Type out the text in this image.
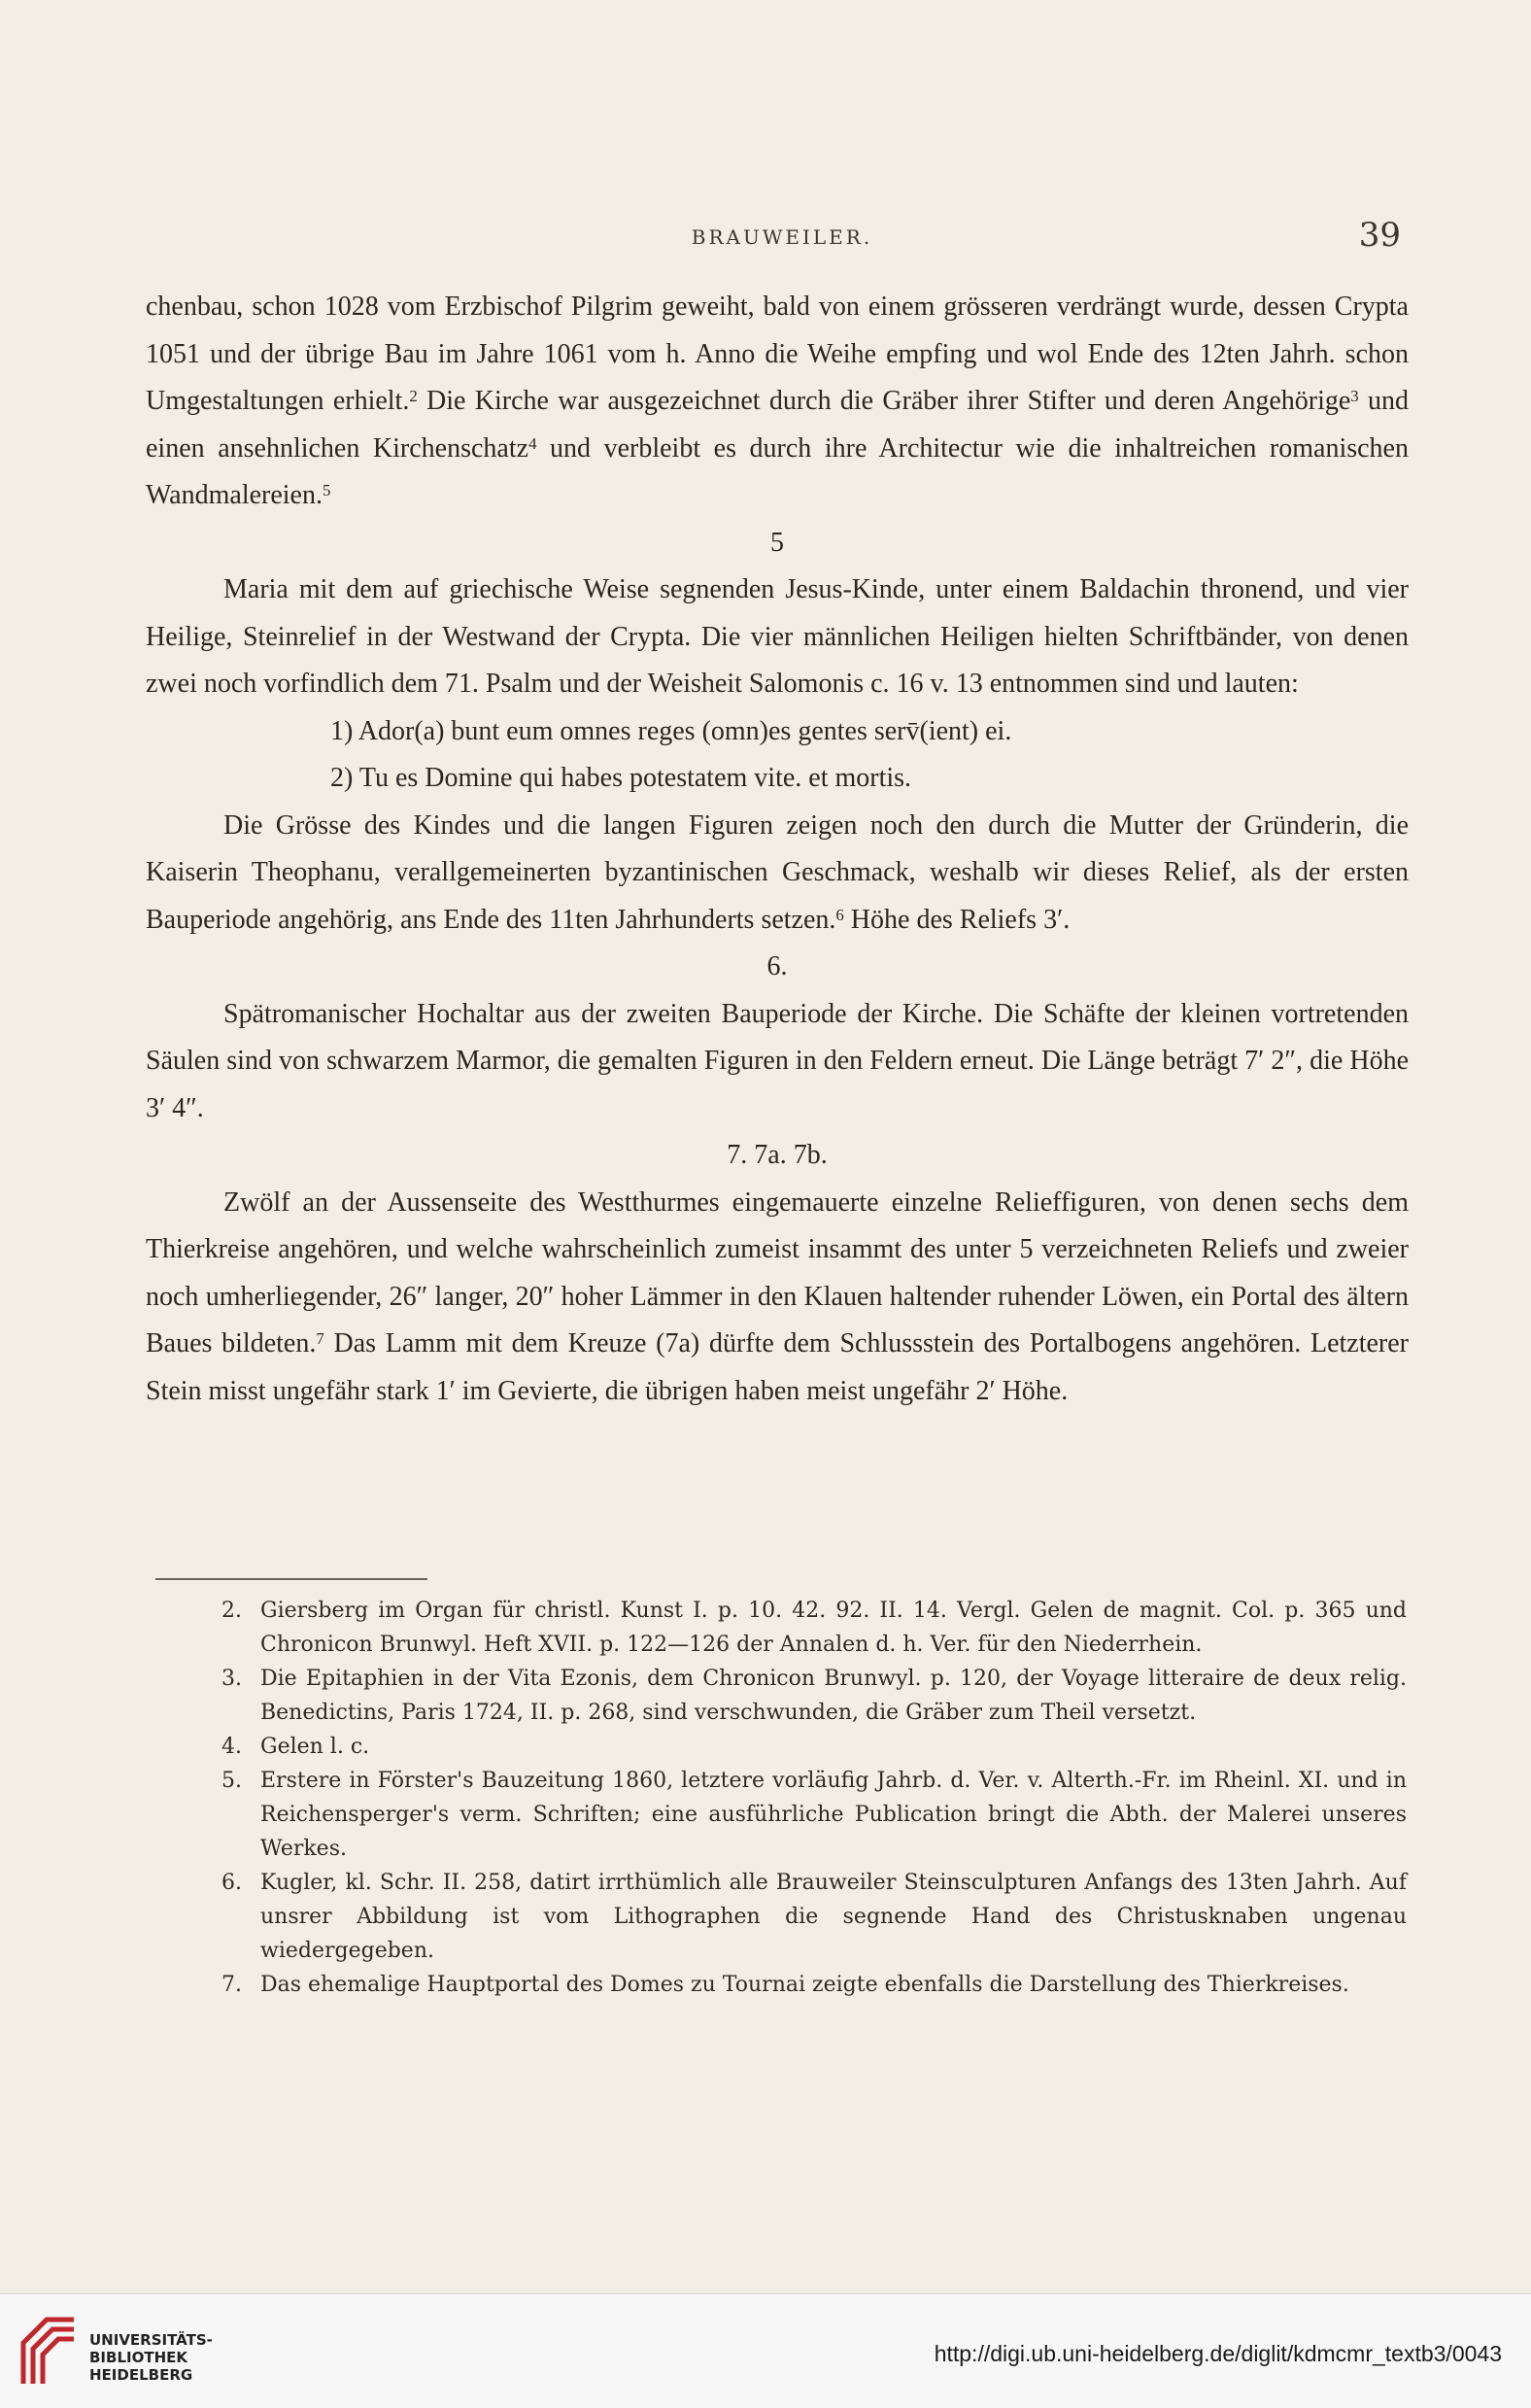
BRAUWEILER.	39

chenbau, schon 1028 vom Erzbischof Pilgrim geweiht, bald von einem grösseren verdrängt wurde, dessen Crypta 1051 und der übrige Bau im Jahre 1061 vom h. Anno die Weihe empfing und wol Ende des 12ten Jahrh. schon Umgestaltungen erhielt.$^2$ Die Kirche war ausgezeichnet durch die Gräber ihrer Stifter und deren Angehörige$^3$ und einen ansehnlichen Kirchenschatz$^4$ und verbleibt es durch ihre Architectur wie die inhaltreichen romanischen Wandmalereien.$^5$

5

Maria mit dem auf griechische Weise segnenden Jesus-Kinde, unter einem Baldachin thronend, und vier Heilige, Steinrelief in der Westwand der Crypta. Die vier männlichen Heiligen hielten Schriftbänder, von denen zwei noch vorfindlich dem 71. Psalm und der Weisheit Salomonis c. 16 v. 13 entnommen sind und lauten:

1) Ador(a) bunt eum omnes reges (omn)es gentes serv̄(ient) ei.

2) Tu es Domine qui habes potestatem vite. et mortis.

Die Grösse des Kindes und die langen Figuren zeigen noch den durch die Mutter der Gründerin, die Kaiserin Theophanu, verallgemeinerten byzantinischen Geschmack, weshalb wir dieses Relief, als der ersten Bauperiode angehörig, ans Ende des 11ten Jahrhunderts setzen.$^6$ Höhe des Reliefs 3′.

6.

Spätromanischer Hochaltar aus der zweiten Bauperiode der Kirche. Die Schäfte der kleinen vortretenden Säulen sind von schwarzem Marmor, die gemalten Figuren in den Feldern erneut. Die Länge beträgt 7′ 2″, die Höhe 3′ 4″.

7. 7a. 7b.

Zwölf an der Aussenseite des Westthurmes eingemauerte einzelne Relieffiguren, von denen sechs dem Thierkreise angehören, und welche wahrscheinlich zumeist insammt des unter 5 verzeichneten Reliefs und zweier noch umherliegender, 26″ langer, 20″ hoher Lämmer in den Klauen haltender ruhender Löwen, ein Portal des ältern Baues bildeten.$^7$ Das Lamm mit dem Kreuze (7a) dürfte dem Schlussstein des Portalbogens angehören. Letzterer Stein misst ungefähr stark 1′ im Gevierte, die übrigen haben meist ungefähr 2′ Höhe.

2. Giersberg im Organ für christl. Kunst I. p. 10. 42. 92. II. 14. Vergl. Gelen de magnit. Col. p. 365 und Chronicon Brunwyl. Heft XVII. p. 122—126 der Annalen d. h. Ver. für den Niederrhein.

3. Die Epitaphien in der Vita Ezonis, dem Chronicon Brunwyl. p. 120, der Voyage litteraire de deux relig. Benedictins, Paris 1724, II. p. 268, sind verschwunden, die Gräber zum Theil versetzt.

4. Gelen l. c.

5. Erstere in Förster's Bauzeitung 1860, letztere vorläufig Jahrb. d. Ver. v. Alterth.-Fr. im Rheinl. XI. und in Reichensperger's verm. Schriften; eine ausführliche Publication bringt die Abth. der Malerei unseres Werkes.

6. Kugler, kl. Schr. II. 258, datirt irrthümlich alle Brauweiler Steinsculpturen Anfangs des 13ten Jahrh. Auf unsrer Abbildung ist vom Lithographen die segnende Hand des Christusknaben ungenau wiedergegeben.

7. Das ehemalige Hauptportal des Domes zu Tournai zeigte ebenfalls die Darstellung des Thierkreises.

UNIVERSITÄTS-
BIBLIOTHEK
HEIDELBERG
http://digi.ub.uni-heidelberg.de/diglit/kdmcmr_textb3/0043
